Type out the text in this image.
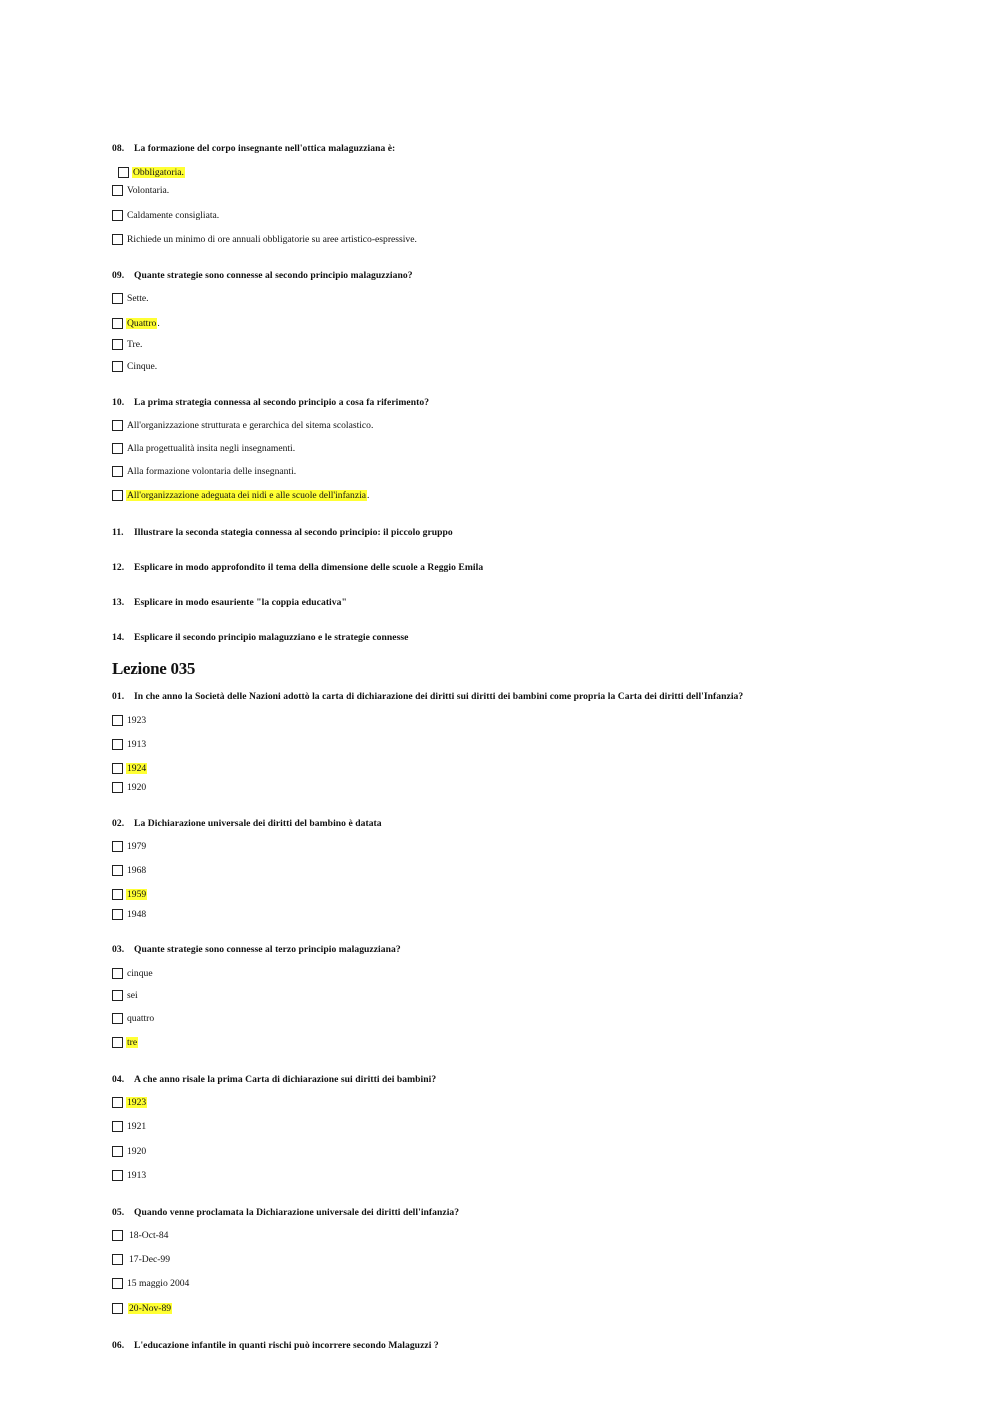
08. La formazione del corpo insegnante nell'ottica malaguzziana è:
Obbligatoria.
Volontaria.
Caldamente consigliata.
Richiede un minimo di ore annuali obbligatorie su aree artistico-espressive.
09. Quante strategie sono connesse al secondo principio malaguzziano?
Sette.
Quattro .
Tre.
Cinque.
10. La prima strategia connessa al secondo principio a cosa fa riferimento?
All'organizzazione strutturata e gerarchica del sitema scolastico.
Alla progettualità insita negli insegnamenti.
Alla formazione volontaria delle insegnanti.
All'organizzazione adeguata dei nidi e alle scuole dell'infanzia .
11. Illustrare la seconda stategia connessa al secondo principio: il piccolo gruppo
12. Esplicare in modo approfondito il tema della dimensione delle scuole a Reggio Emila
13. Esplicare in modo esauriente "la coppia educativa"
14. Esplicare il secondo principio malaguzziano e le strategie connesse
Lezione 035
01. In che anno la Società delle Nazioni adottò la carta di dichiarazione dei diritti sui diritti dei bambini come propria la Carta dei diritti dell'Infanzia?
1923
1913
1924
1920
02. La Dichiarazione universale dei diritti del bambino è datata
1979
1968
1959
1948
03. Quante strategie sono connesse al terzo principio malaguzziana?
cinque
sei
quattro
tre
04. A che anno risale la prima Carta di dichiarazione sui diritti dei bambini?
1923
1921
1920
1913
05. Quando venne proclamata la Dichiarazione universale dei diritti dell'infanzia?
18-Oct-84
17-Dec-99
15 maggio 2004
20-Nov-89
06. L'educazione infantile in quanti rischi può incorrere secondo Malaguzzi ?
